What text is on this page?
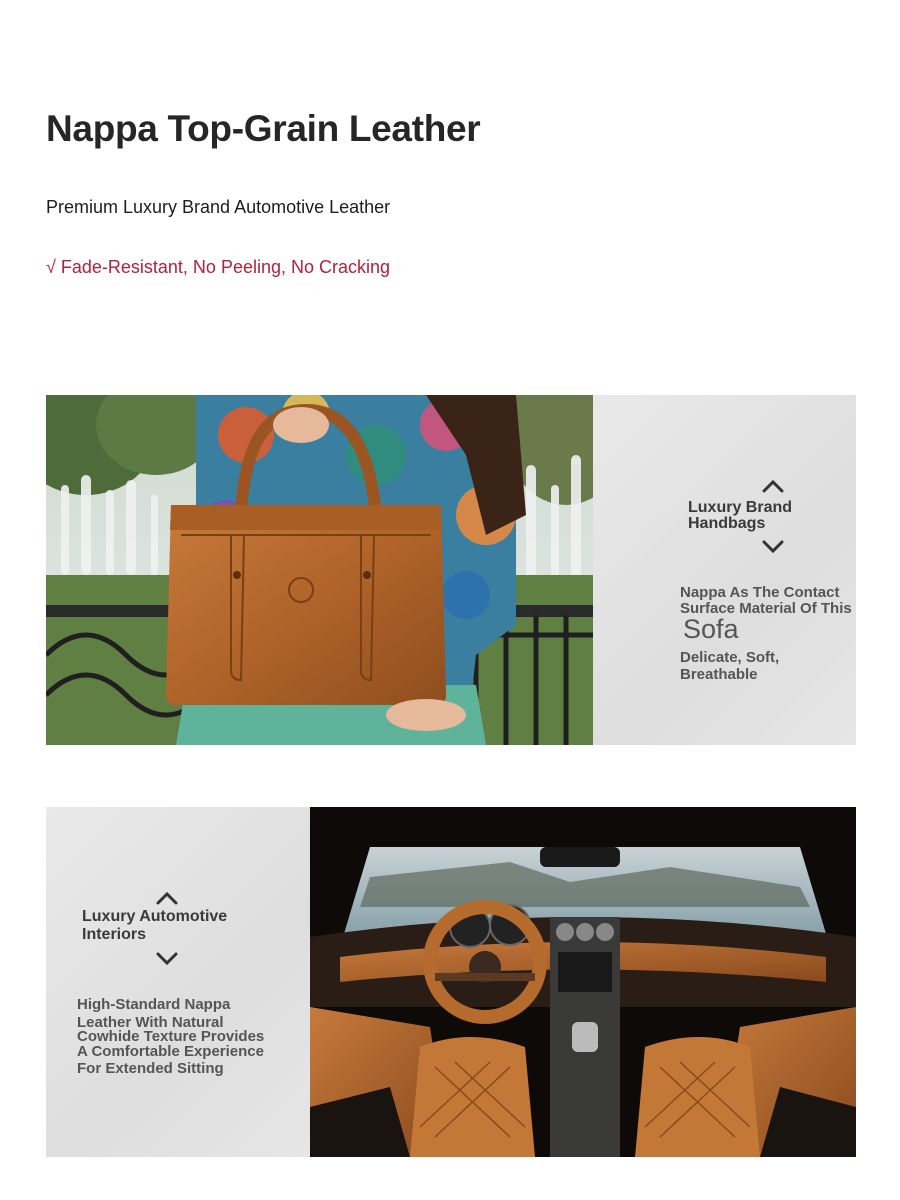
Nappa Top-Grain Leather
Premium Luxury Brand Automotive Leather
√ Fade-Resistant, No Peeling, No Cracking
Luxury Brand
Handbags
Nappa As The Contact
Surface Material Of This
Sofa
Delicate, Soft, Breathable
Luxury Automotive
Interiors
High-Standard Nappa
Leather With Natural
Cowhide Texture Provides
A Comfortable Experience
For Extended Sitting
